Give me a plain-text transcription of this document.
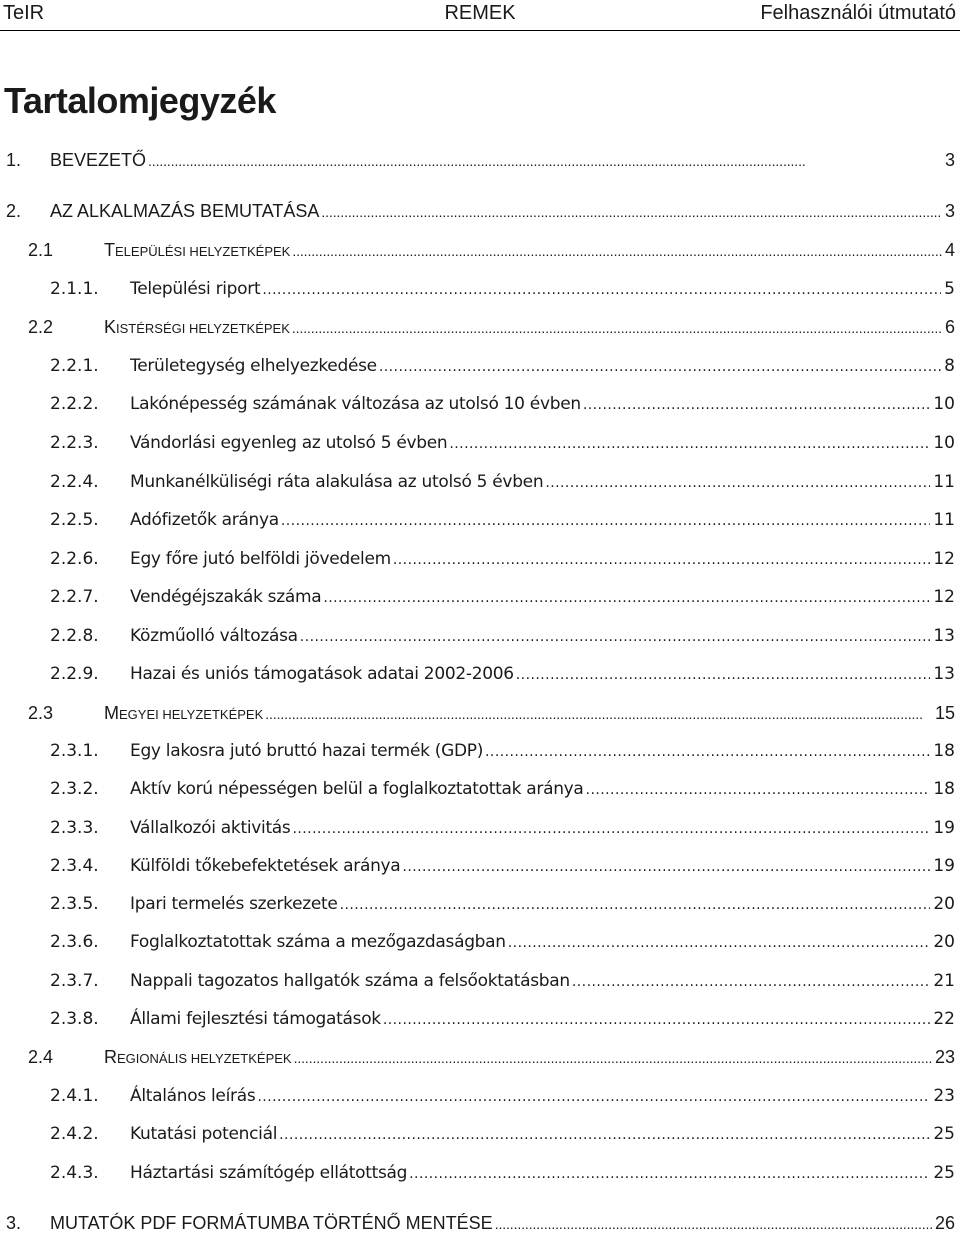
TeIR	REMEK	Felhasználói útmutató
Tartalomjegyzék
1. BEVEZETŐ . . .	3
2. AZ ALKALMAZÁS BEMUTATÁSA . . .	3
2.1	TELEPÜLÉSI HELYZETKÉPEK . . .	4
2.1.1. Települési riport . . .	5
2.2	KISTÉRSÉGI HELYZETKÉPEK . . .	6
2.2.1. Területegység elhelyezkedése . . .	8
2.2.2. Lakónépesség számának változása az utolsó 10 évben . . .	10
2.2.3. Vándorlási egyenleg az utolsó 5 évben . . .	10
2.2.4. Munkanélküliségi ráta alakulása az utolsó 5 évben . . .	11
2.2.5. Adófizetők aránya . . .	11
2.2.6. Egy főre jutó belföldi jövedelem . . .	12
2.2.7. Vendégéjszakák száma . . .	12
2.2.8. Közműolló változása . . .	13
2.2.9. Hazai és uniós támogatások adatai 2002-2006 . . .	13
2.3	MEGYEI HELYZETKÉPEK . . .	15
2.3.1. Egy lakosra jutó bruttó hazai termék (GDP) . . .	18
2.3.2. Aktív korú népességen belül a foglalkoztatottak aránya . . .	18
2.3.3. Vállalkozói aktivitás . . .	19
2.3.4. Külföldi tőkebefektetések aránya . . .	19
2.3.5. Ipari termelés szerkezete . . .	20
2.3.6. Foglalkoztatottak száma a mezőgazdaságban . . .	20
2.3.7. Nappali tagozatos hallgatók száma a felsőoktatásban . . .	21
2.3.8. Állami fejlesztési támogatások . . .	22
2.4	REGIONÁLIS HELYZETKÉPEK . . .	23
2.4.1. Általános leírás . . .	23
2.4.2. Kutatási potenciál . . .	25
2.4.3. Háztartási számítógép ellátottság . . .	25
3. MUTATÓK PDF FORMÁTUMBA TÖRTÉNŐ MENTÉSE . . .	26
